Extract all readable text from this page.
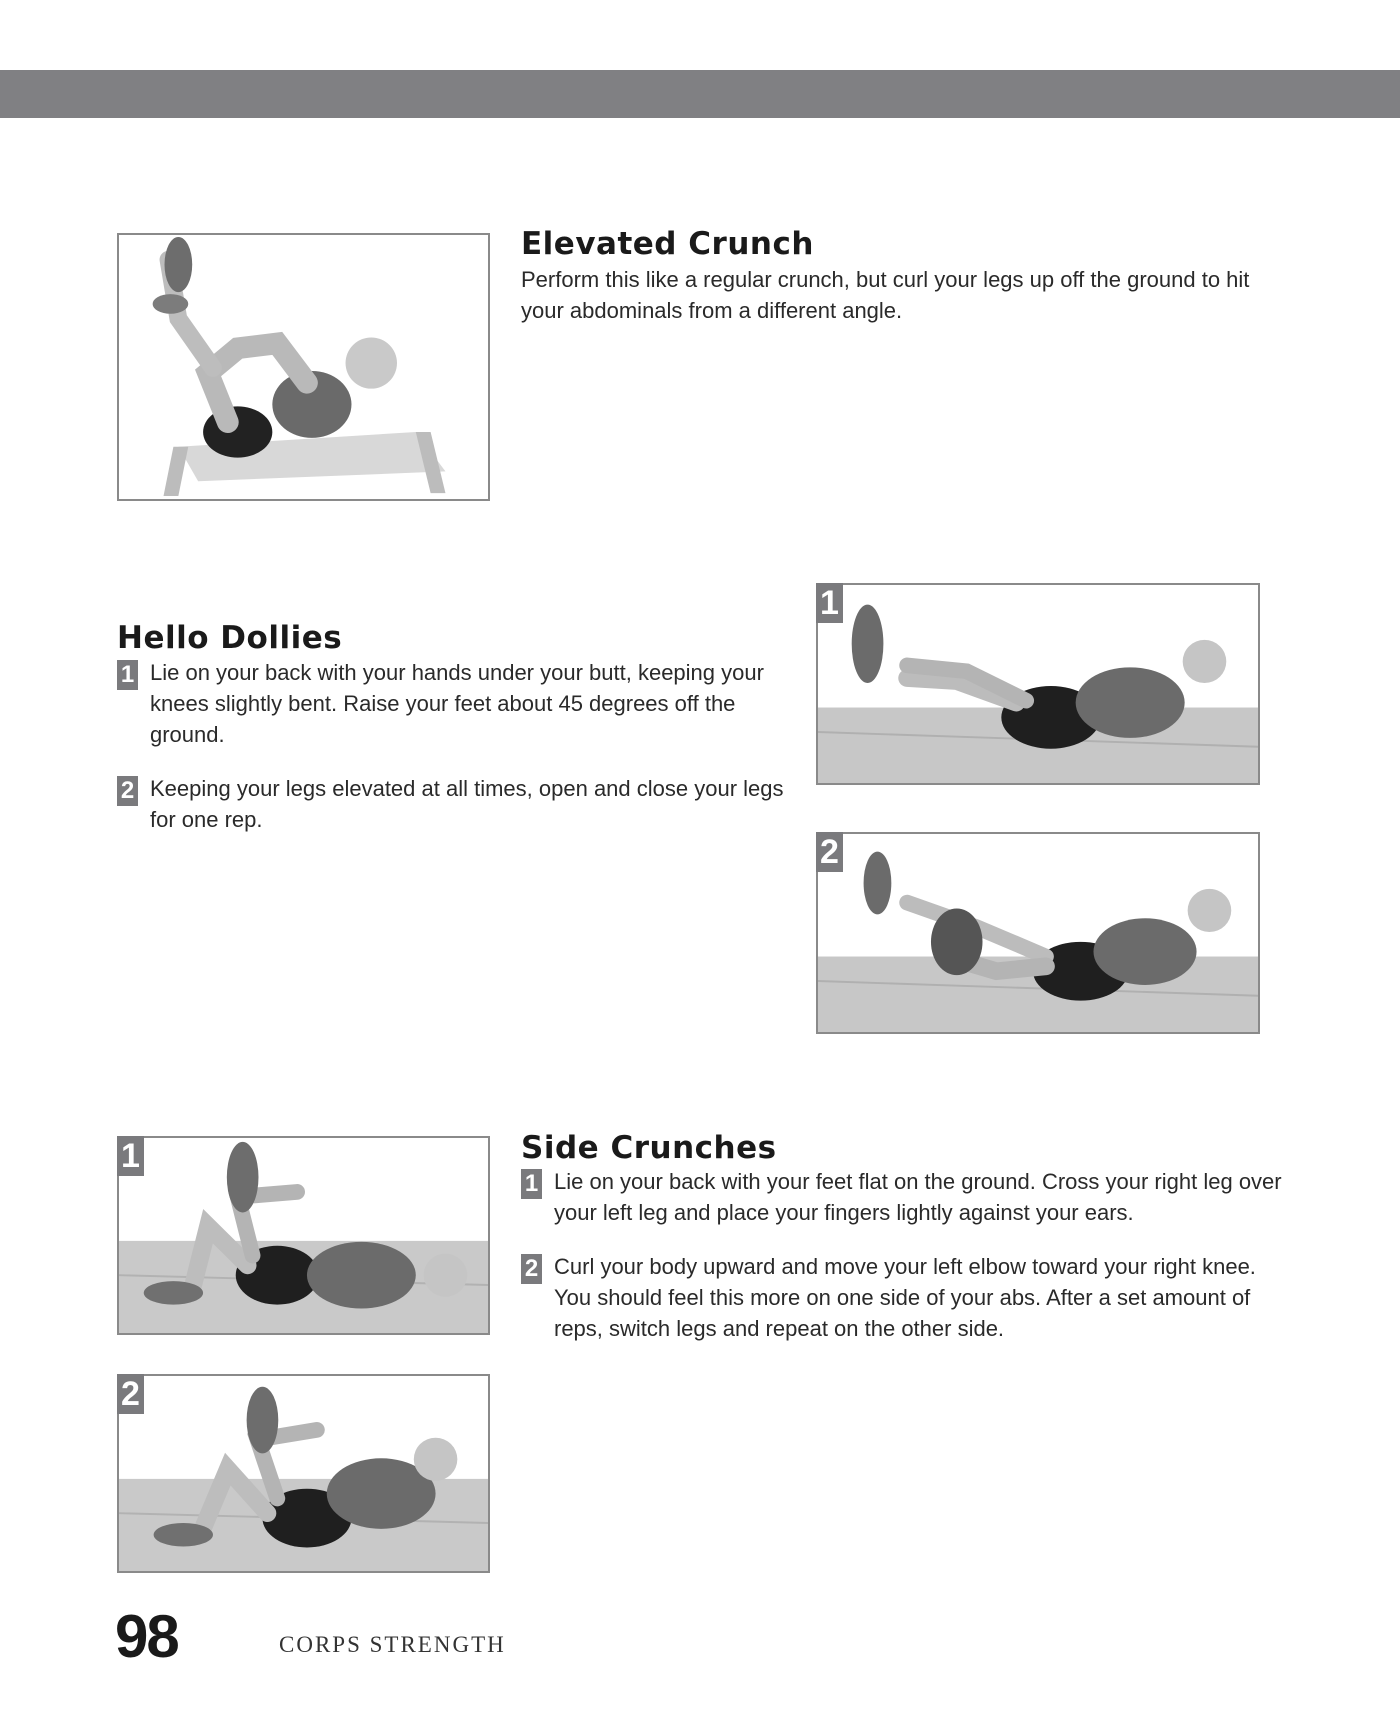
Elevated Crunch

Perform this like a regular crunch, but curl your legs up off the ground to hit your abdominals from a different angle.

Hello Dollies
1 Lie on your back with your hands under your butt, keeping your knees slightly bent. Raise your feet about 45 degrees off the ground.
2 Keeping your legs elevated at all times, open and close your legs for one rep.
1
2
1
2
Side Crunches
1 Lie on your back with your feet flat on the ground. Cross your right leg over your left leg and place your fingers lightly against your ears.
2 Curl your body upward and move your left elbow toward your right knee. You should feel this more on one side of your abs. After a set amount of reps, switch legs and repeat on the other side.
98	CORPS STRENGTH
